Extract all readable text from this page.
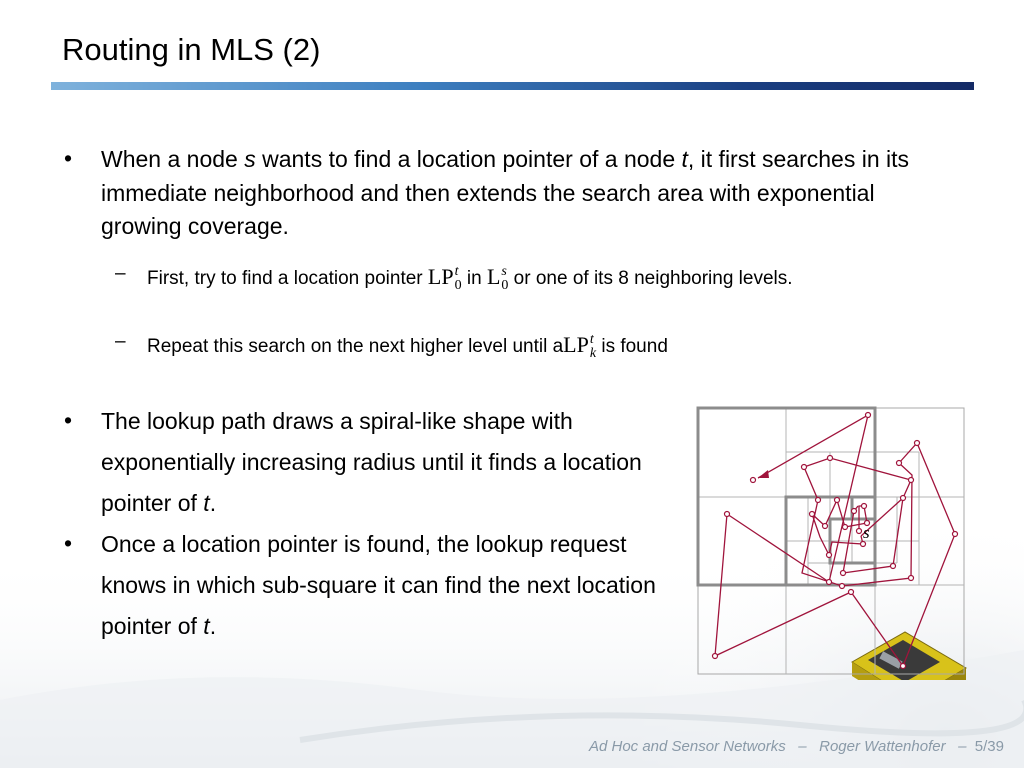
Routing in MLS (2)
• When a node s wants to find a location pointer of a node t, it first searches in its immediate neighborhood and then extends the search area with exponential growing coverage.
– First, try to find a location pointer LP t
0 in L s
0 or one of its 8 neighboring levels.
– Repeat this search on the next higher level until aLP t
k is found
• The lookup path draws a spiral-like shape with exponentially increasing radius until it finds a location pointer of t.
• Once a location pointer is found, the lookup request knows in which sub-square it can find the next location pointer of t.
s
Ad Hoc and Sensor Networks – Roger Wattenhofer – 5/39
